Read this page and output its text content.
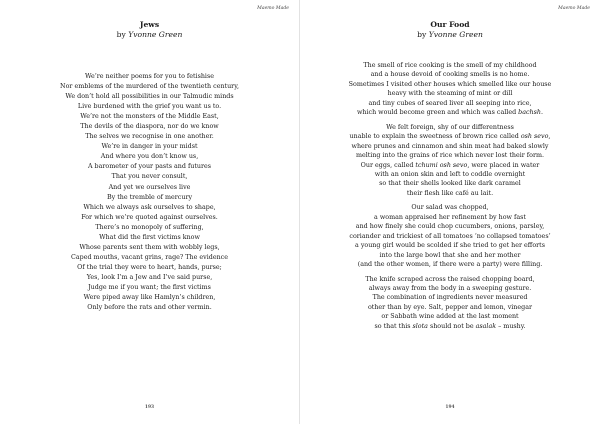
Maemo Made
Jews
by Yvonne Green
We’re neither poems for you to fetishise
Nor emblems of the murdered of the twentieth century,
We don’t hold all possibilities in our Talmudic minds
Live burdened with the grief you want us to.
We’re not the monsters of the Middle East,
The devils of the diaspora, nor do we know
The selves we recognise in one another.
We’re in danger in your midst
And where you don’t know us,
A barometer of your pasts and futures
That you never consult,
And yet we ourselves live
By the tremble of mercury
Which we always ask ourselves to shape,
For which we’re quoted against ourselves.
There’s no monopoly of suffering,
What did the first victims know
Whose parents sent them with wobbly legs,
Caped mouths, vacant grins, rage? The evidence
Of the trial they were to heart, hands, purse;
Yes, look I’m a Jew and I’ve said purse,
Judge me if you want; the first victims
Were piped away like Hamlyn’s children,
Only before the rats and other vermin.
193
Maemo Made
Our Food
by Yvonne Green
The smell of rice cooking is the smell of my childhood
and a house devoid of cooking smells is no home.
Sometimes I visited other houses which smelled like our house
heavy with the steaming of mint or dill
and tiny cubes of seared liver all seeping into rice,
which would become green and which was called bachsh.
We felt foreign, shy of our differentness
unable to explain the sweetness of brown rice called osh sevo,
where prunes and cinnamon and shin meat had baked slowly
melting into the grains of rice which never lost their form.
Our eggs, called tchumi osh sevo, were placed in water
with an onion skin and left to coddle overnight
so that their shells looked like dark caramel
their flesh like café au lait.
Our salad was chopped,
a woman appraised her refinement by how fast
and how finely she could chop cucumbers, onions, parsley,
coriander and trickiest of all tomatoes ‘no collapsed tomatoes’
a young girl would be scolded if she tried to get her efforts
into the large bowl that she and her mother
(and the other women, if there were a party) were filling.
The knife scraped across the raised chopping board,
always away from the body in a sweeping gesture.
The combination of ingredients never measured
other than by eye. Salt, pepper and lemon, vinegar
or Sabbath wine added at the last moment
so that this slota should not be asalak – mushy.
194
